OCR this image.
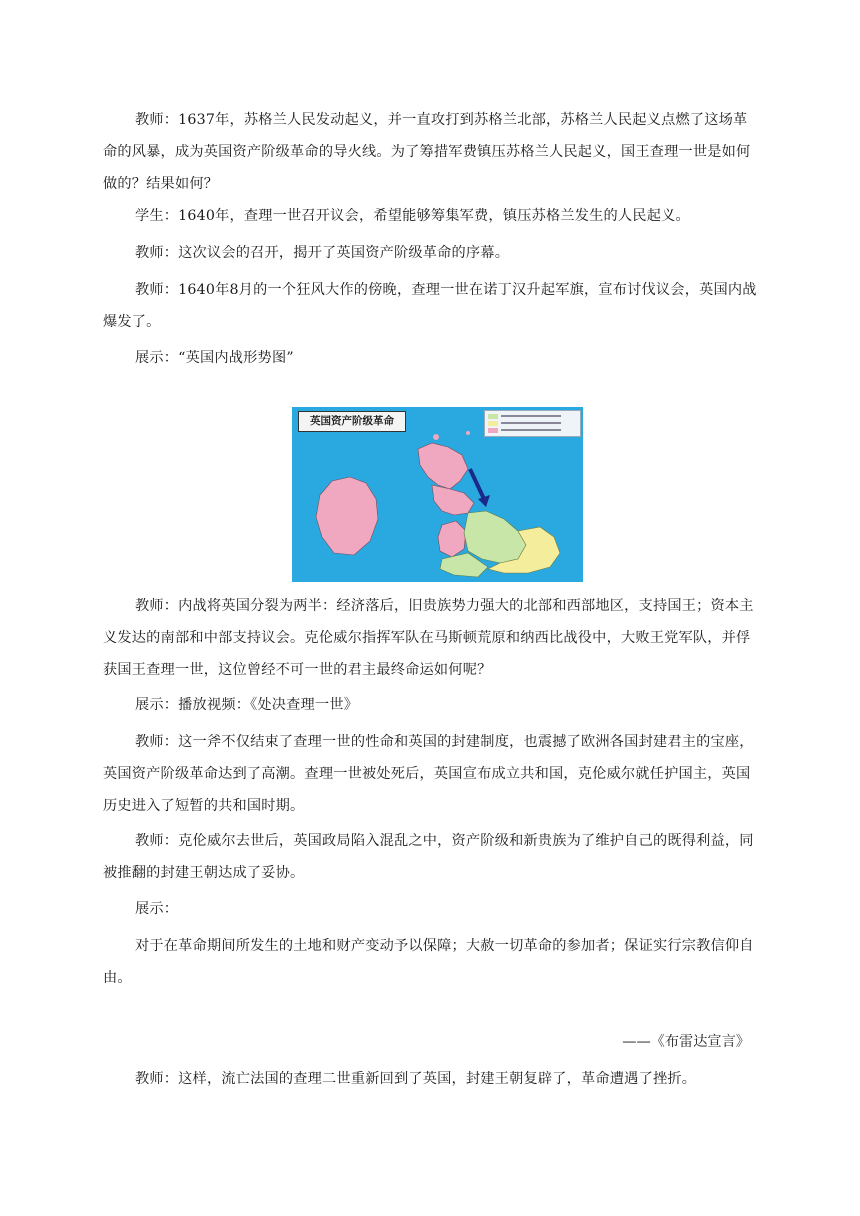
教师：1637年，苏格兰人民发动起义，并一直攻打到苏格兰北部，苏格兰人民起义点燃了这场革命的风暴，成为英国资产阶级革命的导火线。为了筹措军费镇压苏格兰人民起义，国王查理一世是如何做的？结果如何？

学生：1640年，查理一世召开议会，希望能够筹集军费，镇压苏格兰发生的人民起义。

教师：这次议会的召开，揭开了英国资产阶级革命的序幕。

教师：1640年8月的一个狂风大作的傍晚，查理一世在诺丁汉升起军旗，宣布讨伐议会，英国内战爆发了。

展示：“英国内战形势图”

英国资产阶级革命

教师：内战将英国分裂为两半：经济落后，旧贵族势力强大的北部和西部地区，支持国王；资本主义发达的南部和中部支持议会。克伦威尔指挥军队在马斯顿荒原和纳西比战役中，大败王党军队，并俘获国王查理一世，这位曾经不可一世的君主最终命运如何呢？

展示：播放视频：《处决查理一世》

教师：这一斧不仅结束了查理一世的性命和英国的封建制度，也震撼了欧洲各国封建君主的宝座，英国资产阶级革命达到了高潮。查理一世被处死后，英国宣布成立共和国，克伦威尔就任护国主，英国历史进入了短暂的共和国时期。

教师：克伦威尔去世后，英国政局陷入混乱之中，资产阶级和新贵族为了维护自己的既得利益，同被推翻的封建王朝达成了妥协。

展示：

对于在革命期间所发生的土地和财产变动予以保障；大赦一切革命的参加者；保证实行宗教信仰自由。

——《布雷达宣言》

教师：这样，流亡法国的查理二世重新回到了英国，封建王朝复辟了，革命遭遇了挫折。
